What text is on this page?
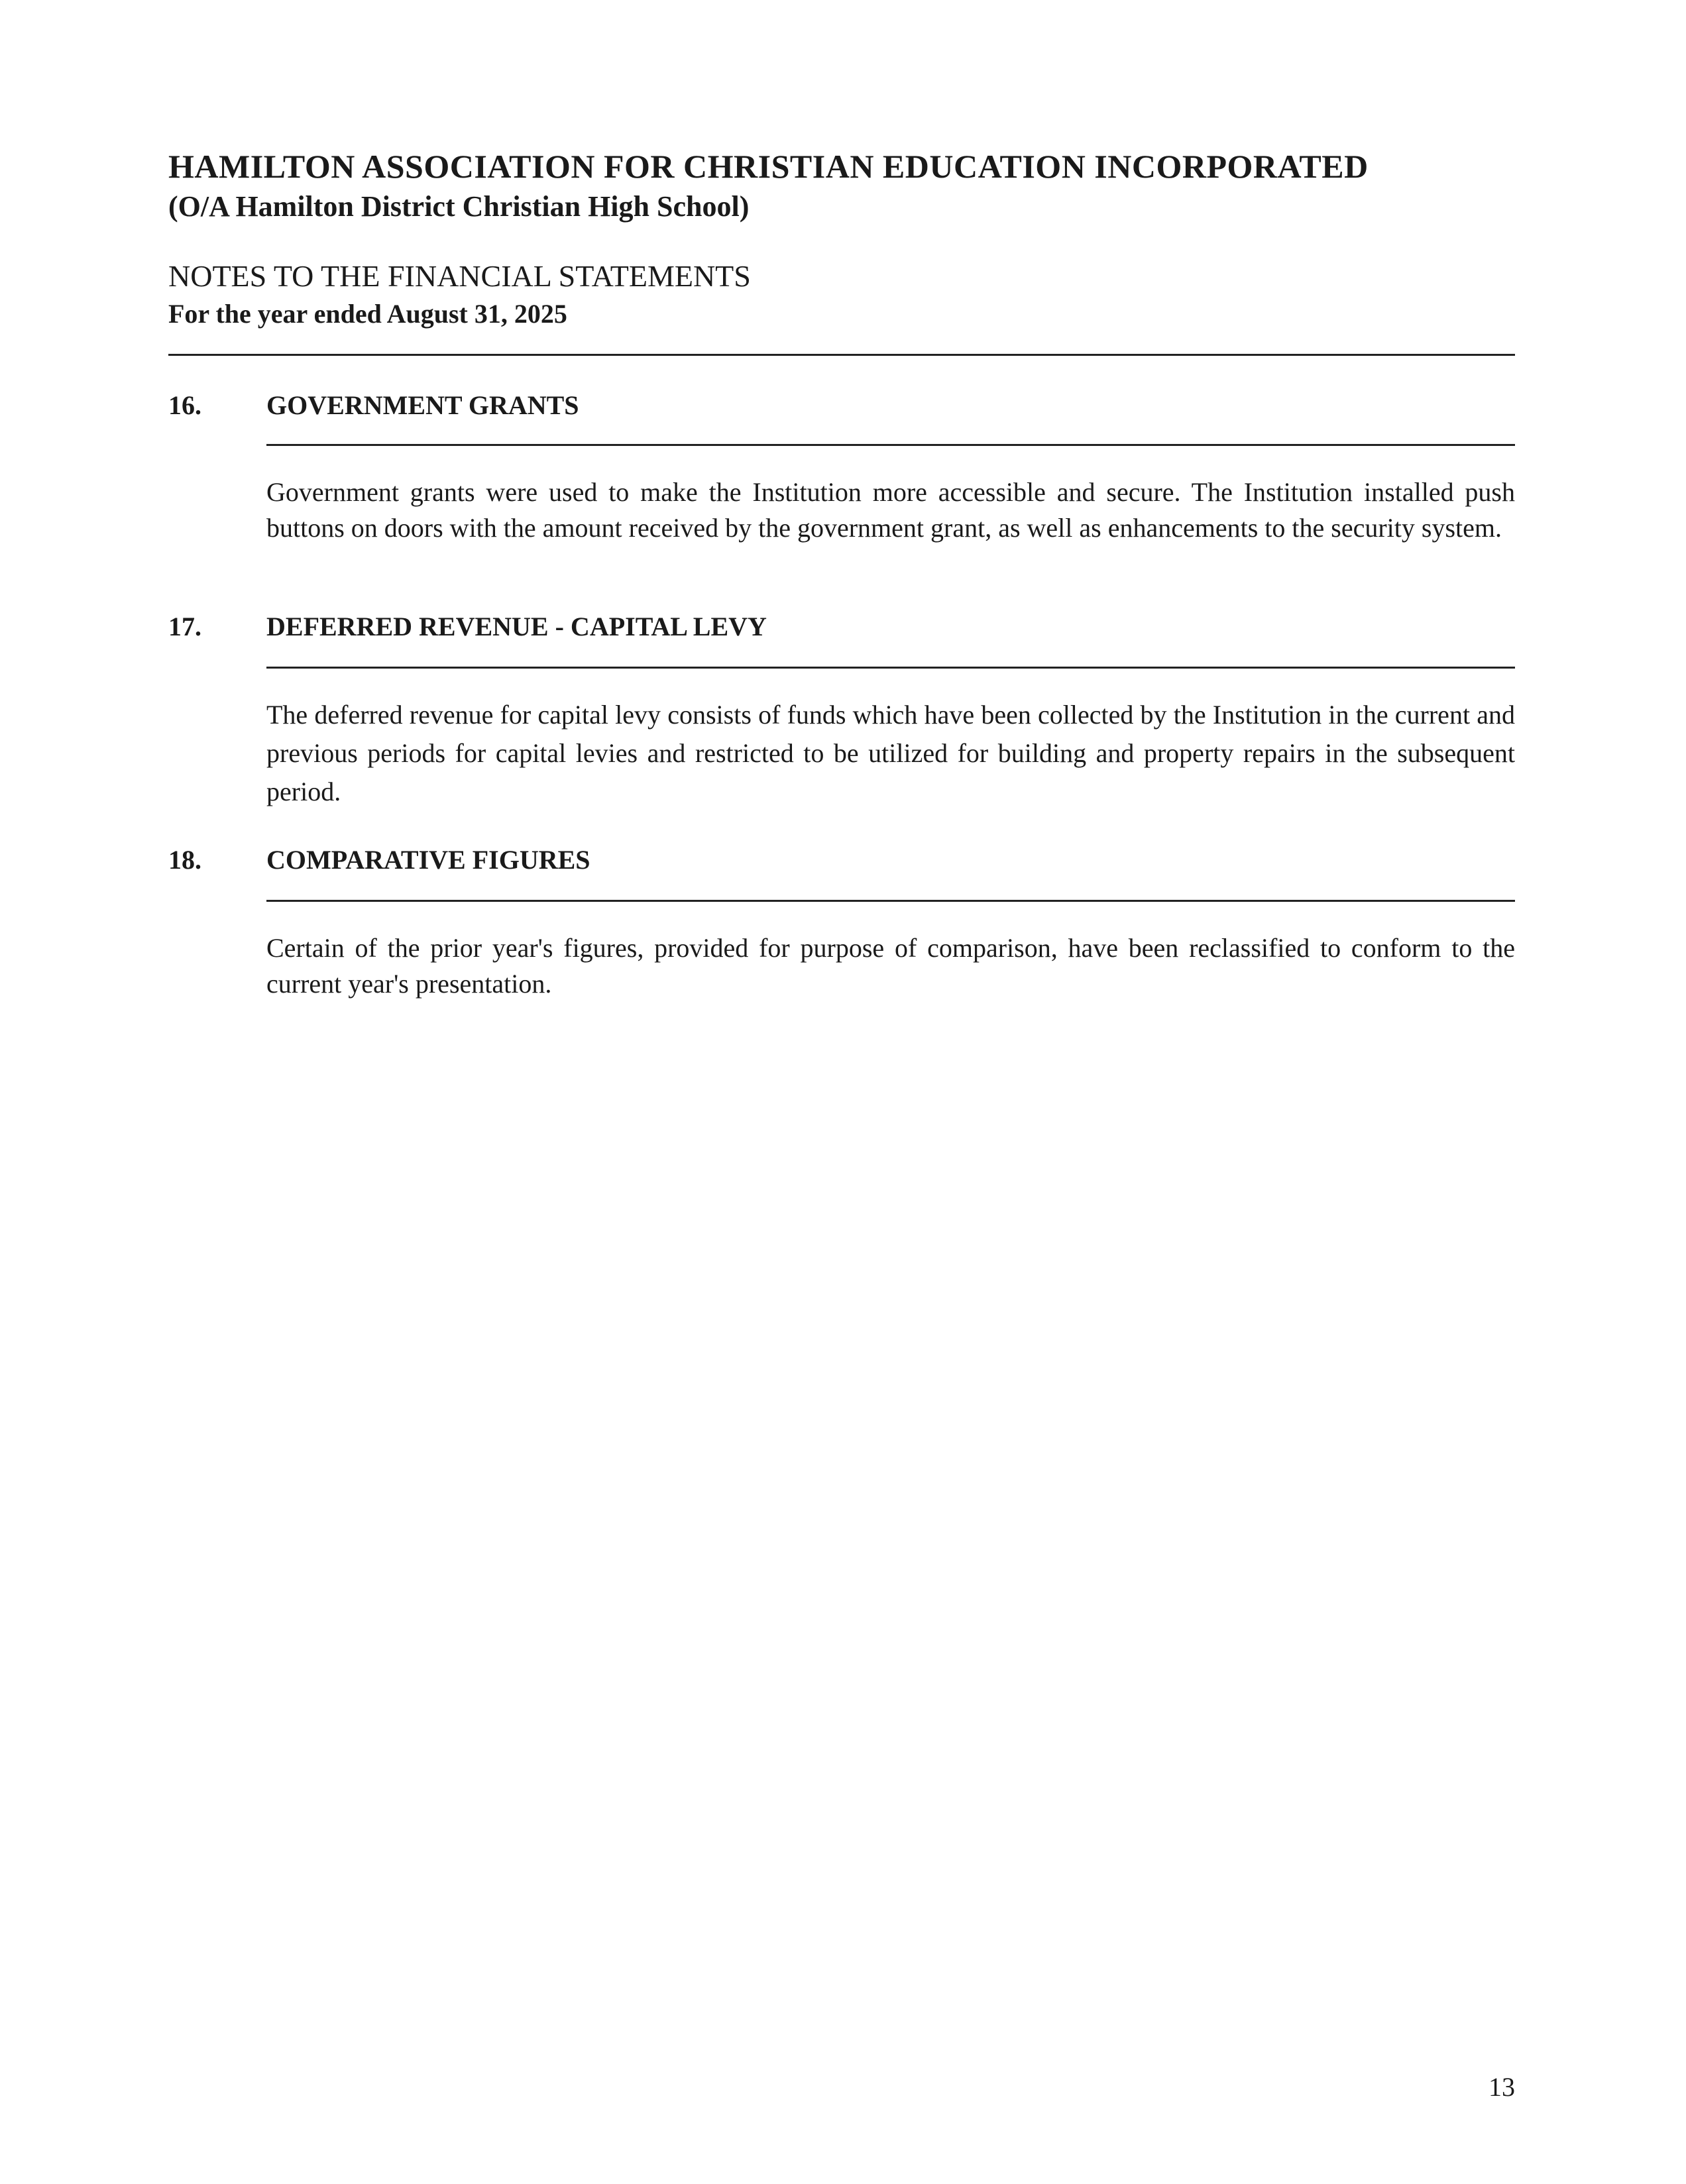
HAMILTON ASSOCIATION FOR CHRISTIAN EDUCATION INCORPORATED
(O/A Hamilton District Christian High School)
NOTES TO THE FINANCIAL STATEMENTS
For the year ended August 31, 2025
16. GOVERNMENT GRANTS
Government grants were used to make the Institution more accessible and secure. The Institution installed push buttons on doors with the amount received by the government grant, as well as enhancements to the security system.
17. DEFERRED REVENUE - CAPITAL LEVY
The deferred revenue for capital levy consists of funds which have been collected by the Institution in the current and previous periods for capital levies and restricted to be utilized for building and property repairs in the subsequent period.
18. COMPARATIVE FIGURES
Certain of the prior year's figures, provided for purpose of comparison, have been reclassified to conform to the current year's presentation.
13
